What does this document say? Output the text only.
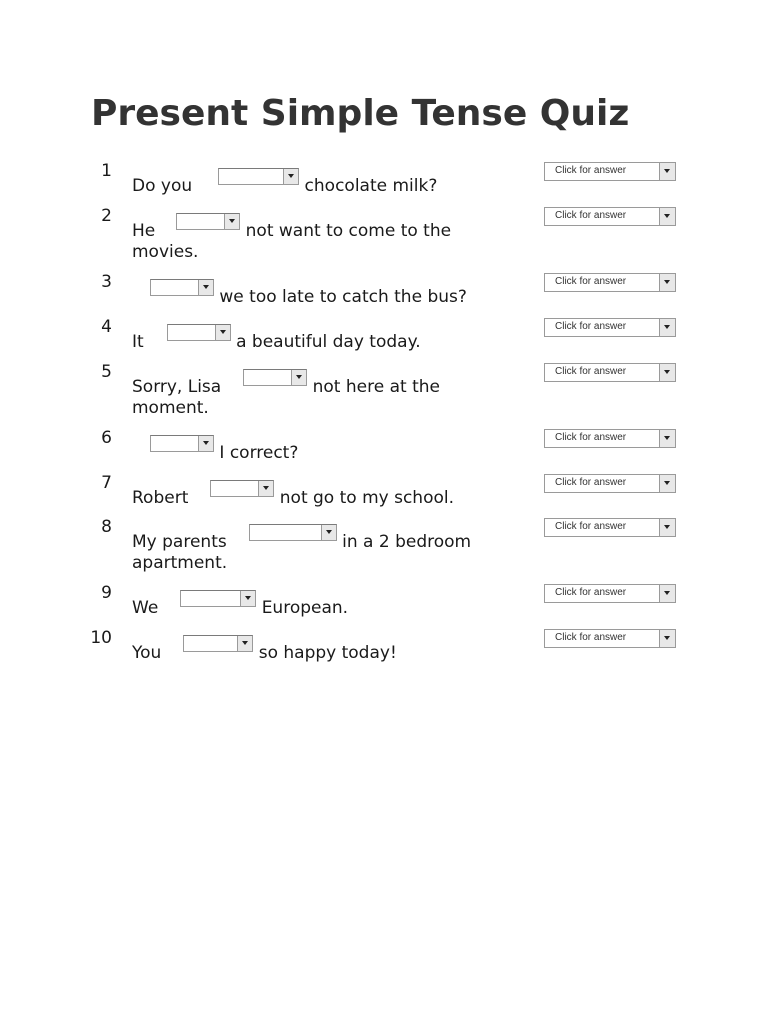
Present Simple Tense Quiz
1
Do you	chocolate milk?
Click for answer
2
He	not want to come to the movies.
Click for answer
3
we too late to catch the bus?
Click for answer
4
It	a beautiful day today.
Click for answer
5
Sorry, Lisa	not here at the moment.
Click for answer
6
I correct?
Click for answer
7
Robert	not go to my school.
Click for answer
8
My parents	in a 2 bedroom apartment.
Click for answer
9
We	European.
Click for answer
10
You	so happy today!
Click for answer
